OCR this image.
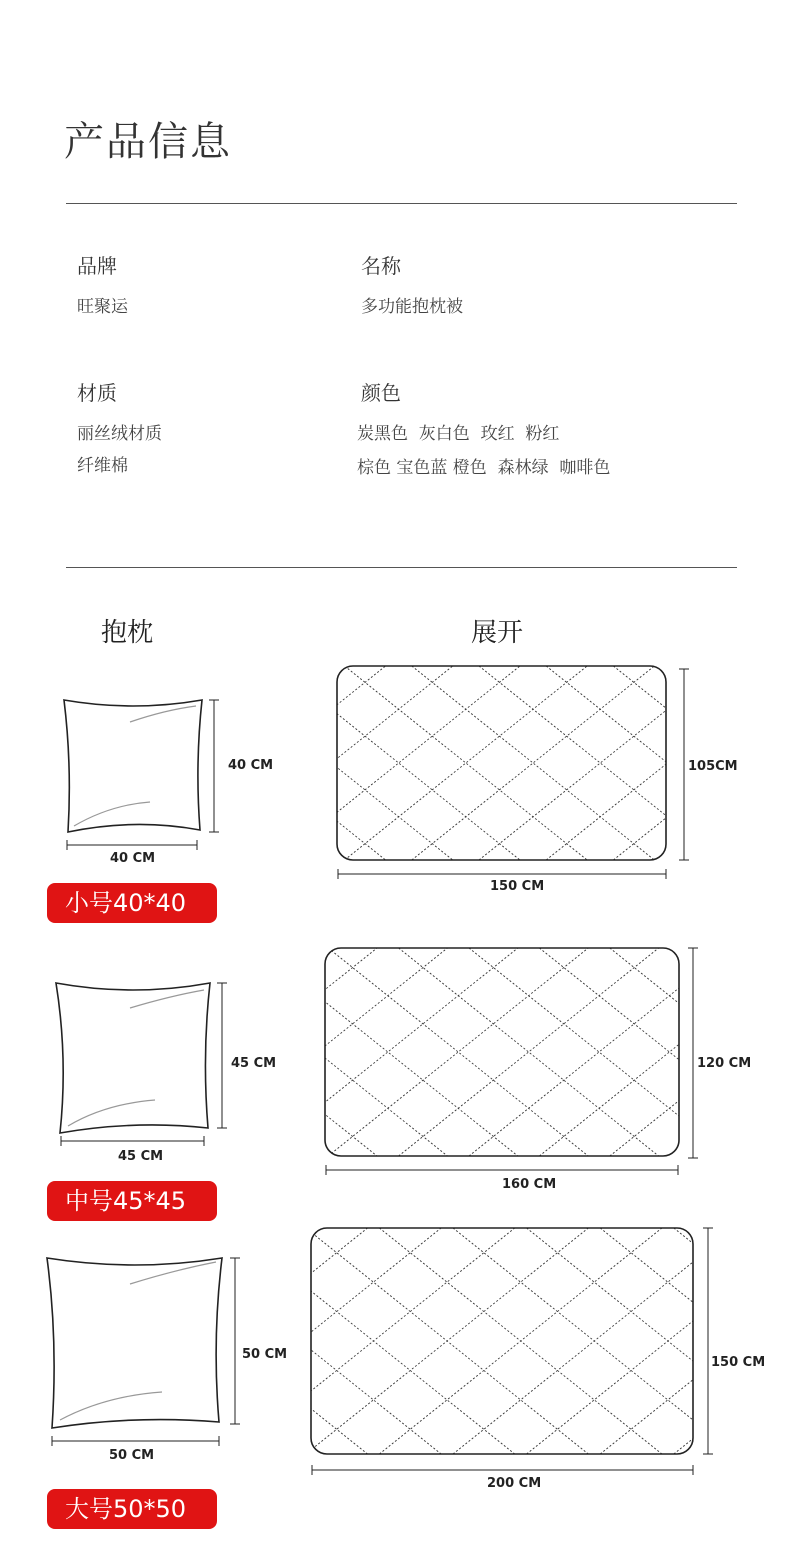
产品信息
品牌
旺聚运
名称
多功能抱枕被
材质
丽丝绒材质
纤维棉
颜色
炭黑色  灰白色  玫红  粉红
棕色 宝色蓝 橙色  森林绿  咖啡色
抱枕	展开
40 CM
40 CM
105CM
150 CM
小号40*40
45 CM
45 CM
120 CM
160 CM
中号45*45
50 CM
50 CM
150 CM
200 CM
大号50*50
